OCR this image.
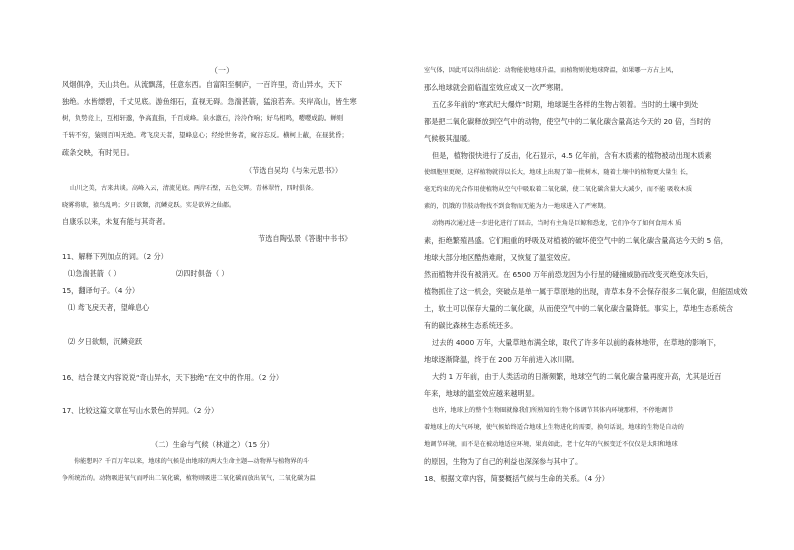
（一）
风烟俱净，天山共色。从流飘荡，任意东西。自富阳至桐庐，一百许里，奇山异水，天下
独绝。水皆缥碧，千丈见底。游鱼细石，直视无碍。急湍甚箭，猛浪若奔。夹岸高山，皆生寒
树，负势竞上，互相轩邈，争高直指，千百成峰。泉水激石，泠泠作响；好鸟相鸣，嘤嘤成韵。蝉则
千转不穷，猿则百叫无绝。鸢飞戾天者，望峰息心；经纶世务者，窥谷忘反。横柯上蔽，在昼犹昏；
疏条交映，有时见日。
（节选自吴均《与朱元思书》）
山川之美，古来共谈。高峰入云，清流见底。两岸石壁，五色交辉。青林翠竹，四时俱备。
晓雾将歇，猿鸟乱鸣；夕日欲颓，沉鳞竞跃。实是欲界之仙都。
自康乐以来，未复有能与其奇者。
节选自陶弘景《答谢中书书》
11、解释下列加点的词。（2 分）
⑴急湍甚箭（ ）	⑵四时俱备（ ）
15，翻译句子。（4 分）
⑴ 鸢飞戾天者，望峰息心
⑵ 夕日欲颓，沉鳞竞跃
16、结合课文内容说说“奇山异水，天下独绝”在文中的作用。（2 分）
17、比较这篇文章在写山水景色的异同。（2 分）
（二）生命与气候（林道之）（15 分）
你能想吗？千百万年以来，地球的气候是由地球的两大生命主题—动物界与植物界的斗
争所统治的。动物吸进氧气而呼出二氧化碳，植物则吸进二氧化碳而放出氧气，二氧化碳为温
室气体，因此可以得出结论：动物能使地球升温，而植物则使地球降温，如果哪一方占上风，
那么地球就会面临温室效应或又一次严寒期。
五亿多年前的“寒武纪大爆炸”时期，地球诞生各样的生物占领着。当时的土壤中到处
都是把二氧化碳释放到空气中的动物，使空气中的二氧化碳含量高达今天的 20 倍，当时的
气候极其温暖。
但是，植物很快进行了反击，化石显示，4.5 亿年前，含有木质素的植物被动出现木质素
使细胞里更硬，这样植物就得以长大，地球上出现了第一批树木，随着土壤中的植物更大量生 长，
毫无约束的光合作用使植物从空气中吸取着二氧化碳，使二氧化碳含量大大减少，而不能 吸收木质
素的，饥饿的节肢动物找不到食物而无能为力一地球进入了严寒期。
动物再次通过进一步进化进行了回击，当时有主角是巨鲸和恐龙，它们争夺了如何食用木 质
素，拒绝繁殖昌盛。它们粗重的呼吸及对植被的破坏使空气中的二氧化碳含量高达今天的 5 倍，
地球大部分地区酷热难耐，又恢复了温室效应。
然而植物并没有被消灭。在 6500 万年前恐龙因为小行星的碰撞威胁而改变灭绝变冰失后，
植物抓住了这一机会，突破点是单一属于草原地的出现，青草本身不会保存很多二氧化碳，但能固成效
土，软土可以保存大量的二氧化碳，从而使空气中的二氧化碳含量降低。事实上，草地生态系统含
有的碳比森林生态系统还多。
过去的 4000 万年，大量草地布满全球，取代了许多年以前的森林地带，在草地的影响下，
地球逐渐降温，终于在 200 万年前进入冰川期。
大约 1 万年前，由于人类活动的日渐频繁，地球空气的二氧化碳含量再度升高，尤其是近百
年来，地球的温室效应越来越明显。
也许，地球上的整个生物圈就像我们所熟知的生物个体调节其体内环境那样，不停地调节
着地球上的大气环境，使气候始终适合地球上生物进化的需要，换句话说，地球的生物是自动的
地调节环境，而不是在被动地适应环境，果真如此，老十亿年的气候变迁不仅仅是太阳和地球
的原因，生物为了自己的利益也深深参与其中了。
18、根据文章内容，简要概括气候与生命的关系。（4 分）
